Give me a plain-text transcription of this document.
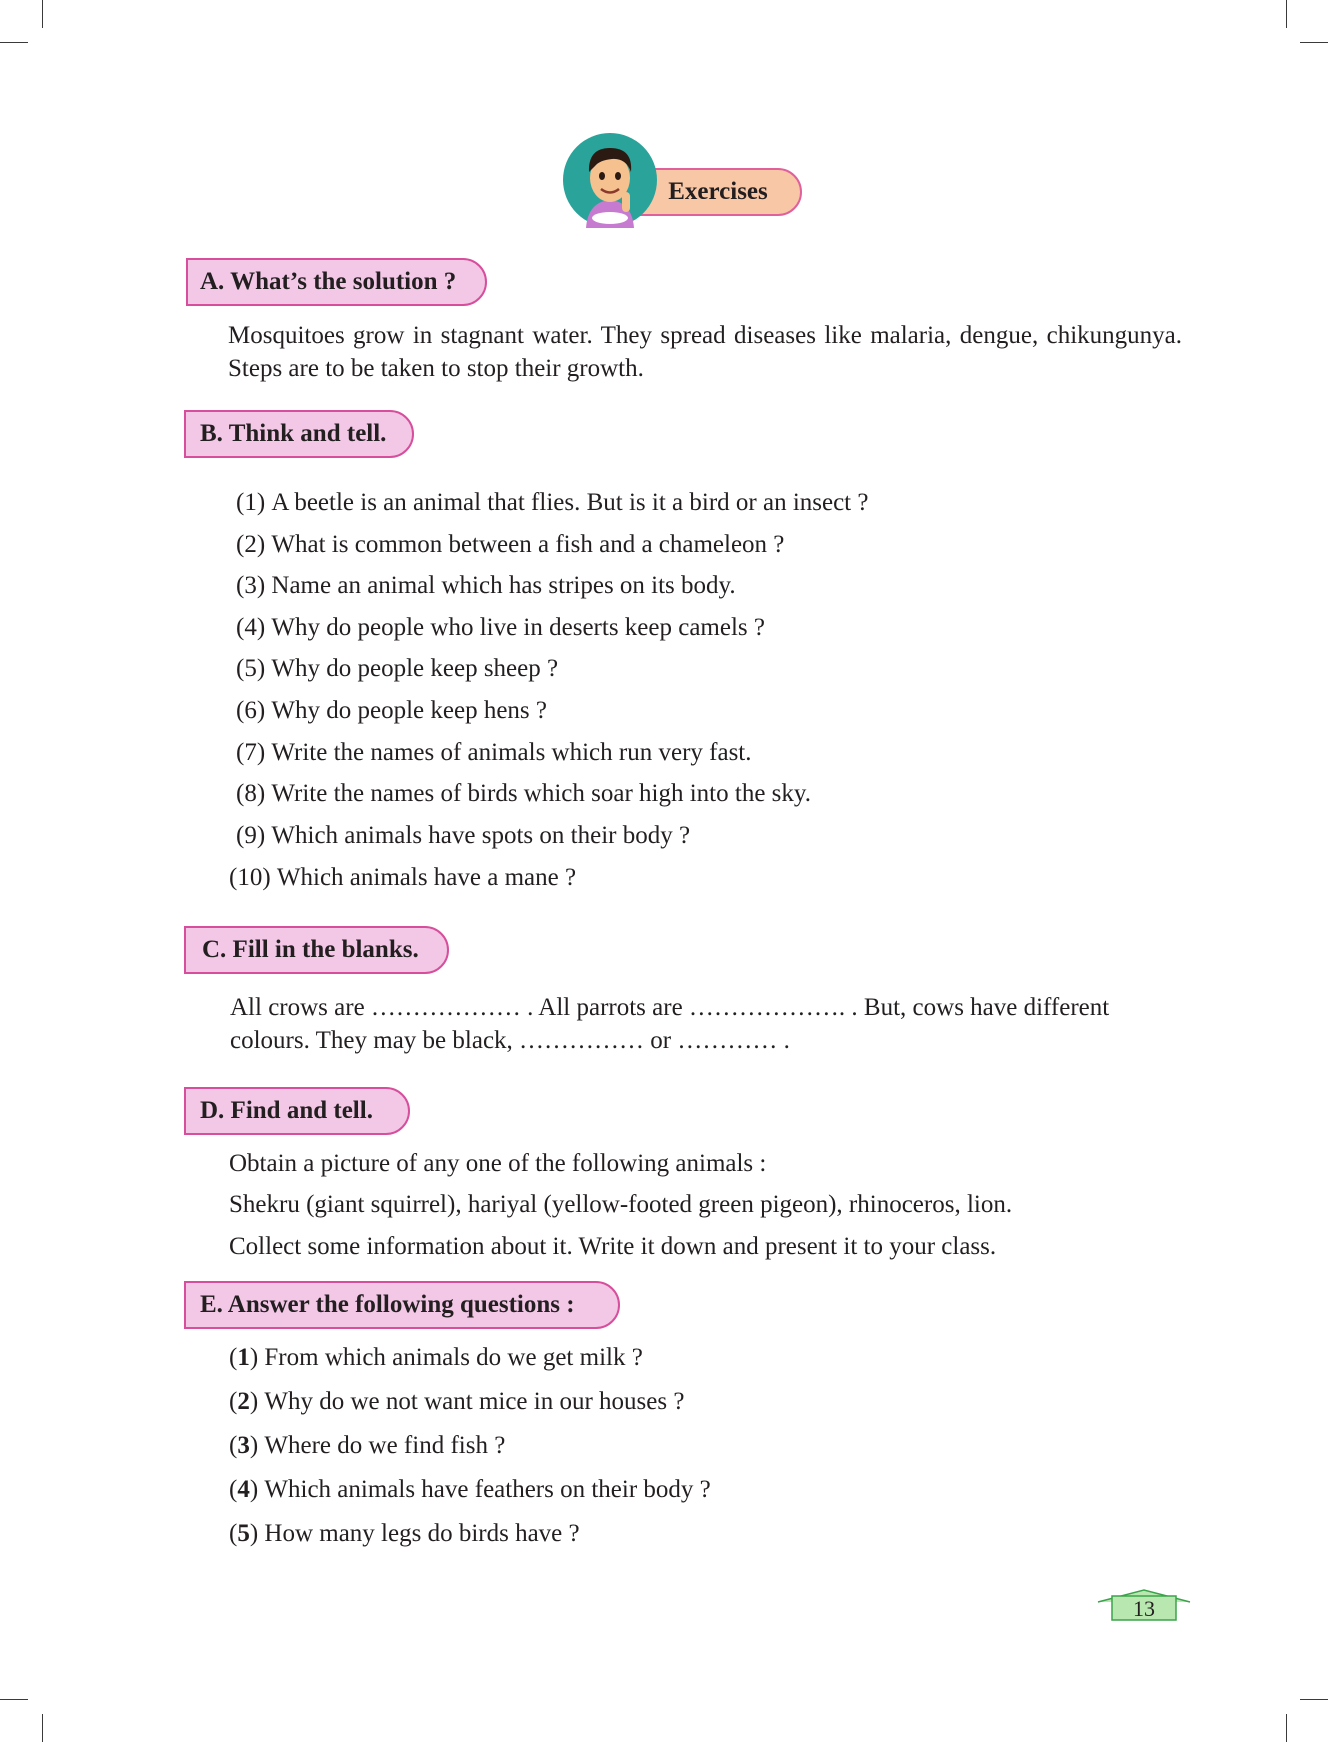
Exercises
A. What’s the solution ?

Mosquitoes grow in stagnant water. They spread diseases like malaria, dengue, chikungunya. Steps are to be taken to stop their growth.

B. Think and tell.
(1) A beetle is an animal that flies. But is it a bird or an insect ?
(2) What is common between a fish and a chameleon ?
(3) Name an animal which has stripes on its body.
(4) Why do people who live in deserts keep camels ?
(5) Why do people keep sheep ?
(6) Why do people keep hens ?
(7) Write the names of animals which run very fast.
(8) Write the names of birds which soar high into the sky.
(9) Which animals have spots on their body ?
(10) Which animals have a mane ?
C. Fill in the blanks.
All crows are ……………… . All parrots are ………………. . But, cows have different
colours. They may be black, …………… or ………… .
D. Find and tell.
Obtain a picture of any one of the following animals :
Shekru (giant squirrel), hariyal (yellow-footed green pigeon), rhinoceros, lion.
Collect some information about it. Write it down and present it to your class.
E. Answer the following questions :
(1) From which animals do we get milk ?
(2) Why do we not want mice in our houses ?
(3) Where do we find fish ?
(4) Which animals have feathers on their body ?
(5) How many legs do birds have ?
13
